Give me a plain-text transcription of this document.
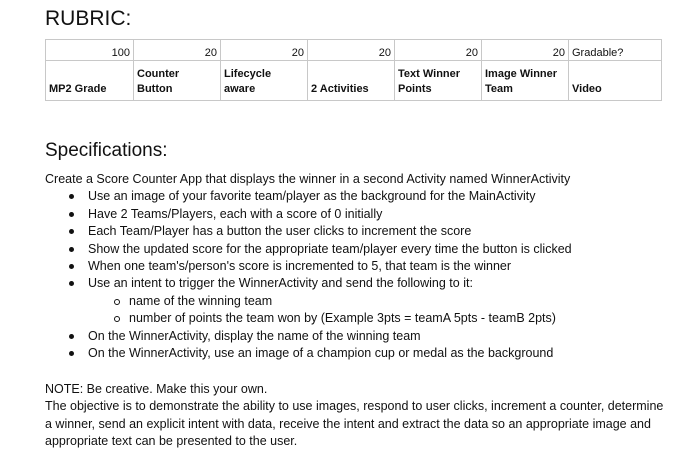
RUBRIC:
100	20	20	20	20	20	Gradable?
MP2 Grade	Counter Button	Lifecycle aware	2 Activities	Text Winner Points	Image Winner Team	Video
Specifications:
Create a Score Counter App that displays the winner in a second Activity named WinnerActivity
Use an image of your favorite team/player as the background for the MainActivity
Have 2 Teams/Players, each with a score of 0 initially
Each Team/Player has a button the user clicks to increment the score
Show the updated score for the appropriate team/player every time the button is clicked
When one team's/person's score is incremented to 5, that team is the winner
Use an intent to trigger the WinnerActivity and send the following to it:
name of the winning team
number of points the team won by (Example 3pts = teamA 5pts - teamB 2pts)
On the WinnerActivity, display the name of the winning team
On the WinnerActivity, use an image of a champion cup or medal as the background
NOTE: Be creative. Make this your own.
The objective is to demonstrate the ability to use images, respond to user clicks, increment a counter, determine a winner, send an explicit intent with data, receive the intent and extract the data so an appropriate image and appropriate text can be presented to the user.
